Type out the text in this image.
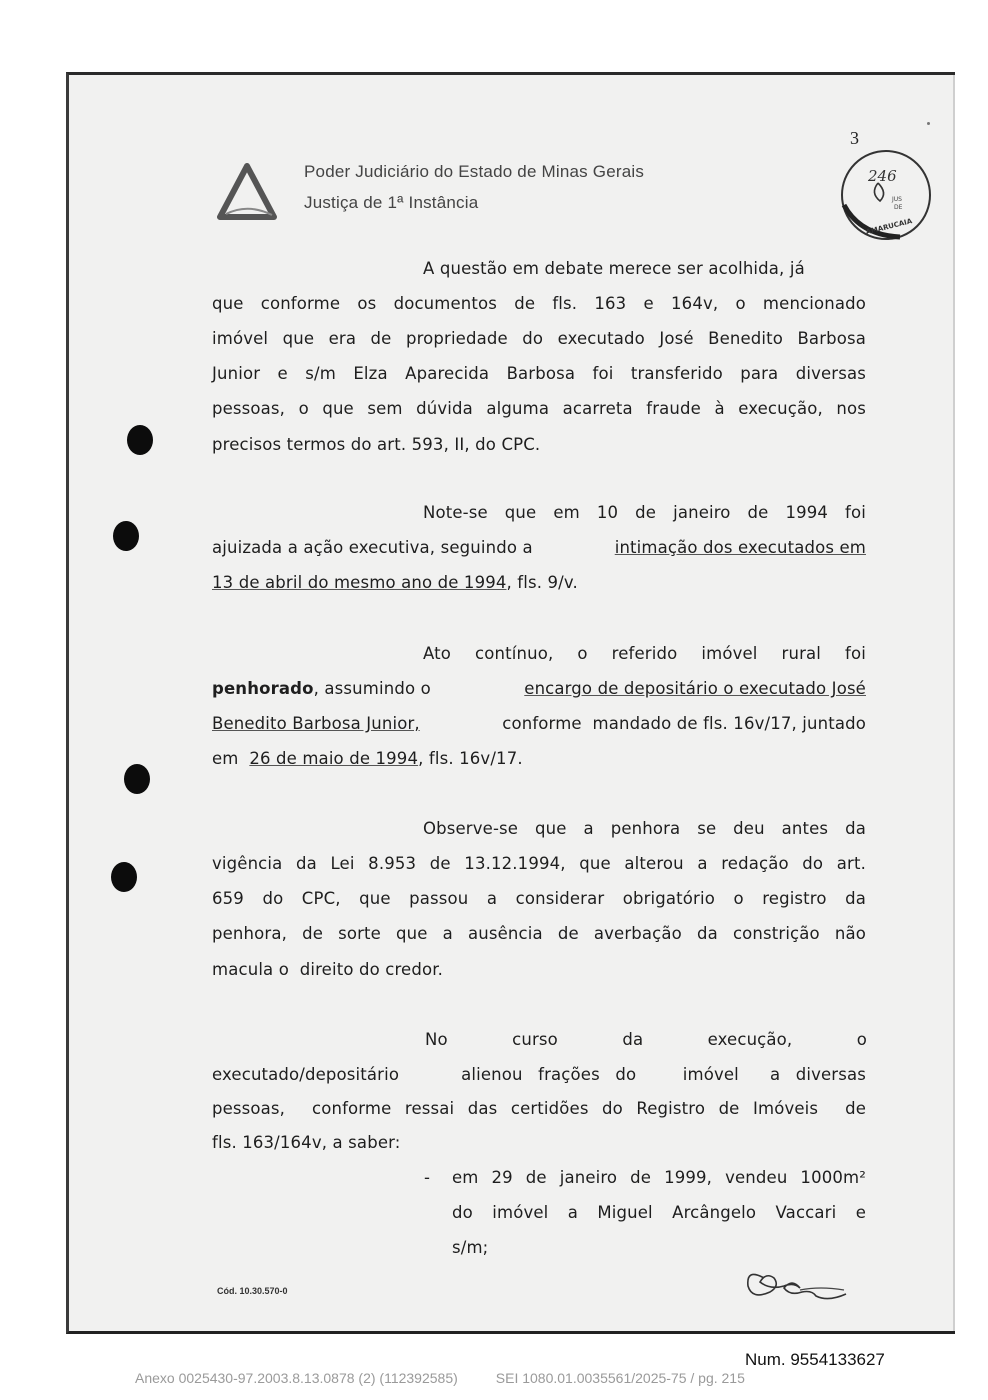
Poder Judiciário do Estado de Minas Gerais
Justiça de 1ª Instância
3
JUS
DE
AMARUCAIA
246
A questão em debate merece ser acolhida, já
que conforme os documentos de fls. 163 e 164v, o mencionado
imóvel que era de propriedade do executado José Benedito Barbosa
Junior e s/m Elza Aparecida Barbosa foi transferido para diversas
pessoas, o que sem dúvida alguma acarreta fraude à execução, nos
precisos termos do art. 593, II, do CPC.
Note-se que em 10 de janeiro de 1994 foi
ajuizada a ação executiva, seguindo a	intimação dos executados em
13 de abril do mesmo ano de 1994, fls. 9/v.
Ato contínuo, o referido imóvel rural foi
penhorado , assumindo o	encargo de depositário o executado José
Benedito Barbosa Junior,	conforme  mandado de fls. 16v/17, juntado
em  26 de maio de 1994, fls. 16v/17.
Observe-se que a penhora se deu antes da
vigência da Lei 8.953 de 13.12.1994, que alterou a redação do art.
659 do CPC, que passou a considerar obrigatório o registro da
penhora, de sorte que a ausência de averbação da constrição não
macula o  direito do credor.
No	curso	da	execução,	o
executado/depositário    alienou frações do   imóvel  a diversas
pessoas,  conforme ressai das certidões do Registro de Imóveis  de
fls. 163/164v, a saber:
- em 29 de janeiro de 1999, vendeu 1000m²
do imóvel a Miguel Arcângelo Vaccari e
s/m;
Cód. 10.30.570-0
Num. 9554133627
Anexo 0025430-97.2003.8.13.0878 (2) (112392585)	SEI 1080.01.0035561/2025-75 / pg. 215
